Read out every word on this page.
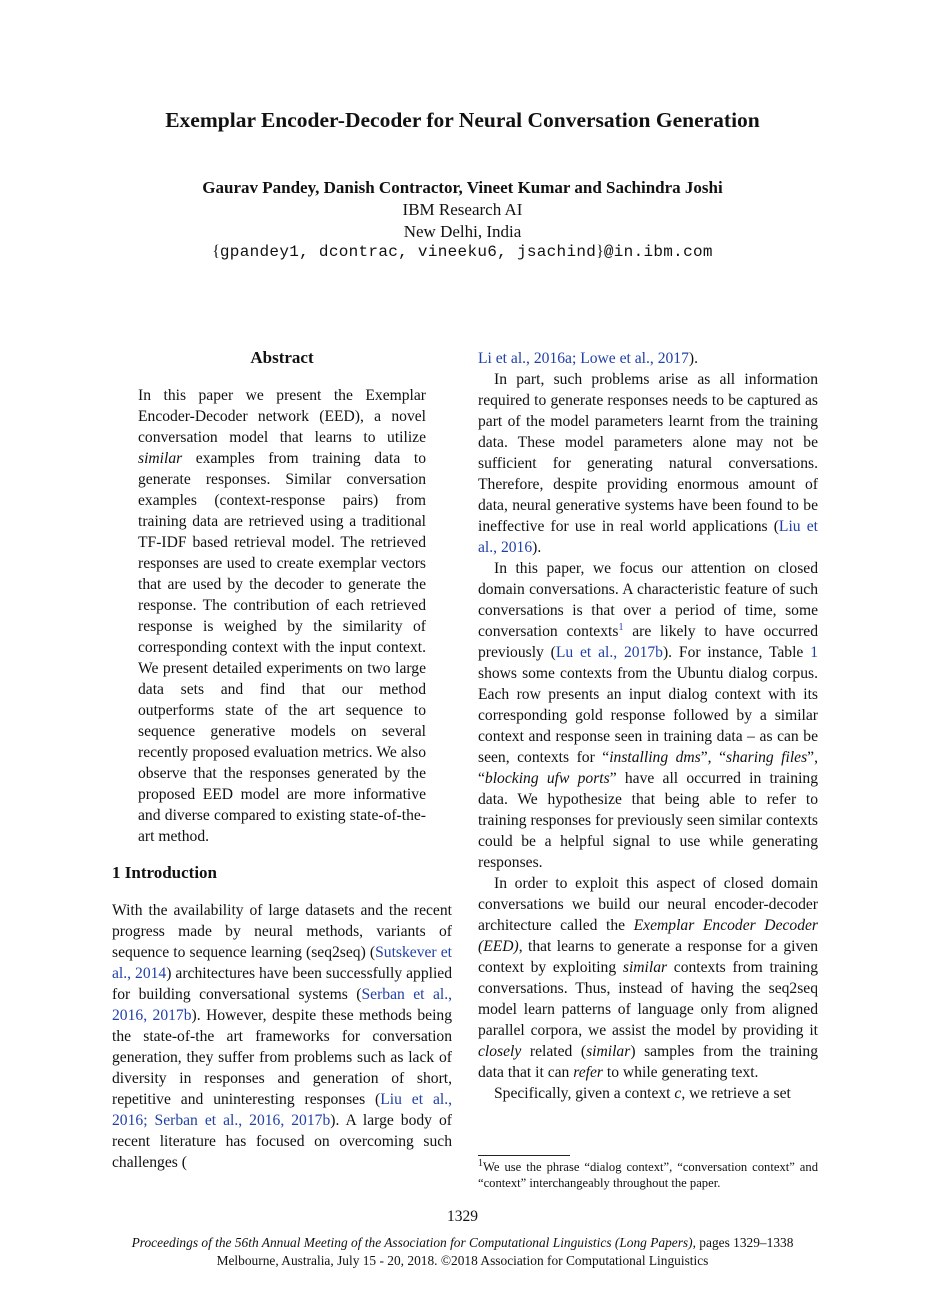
Exemplar Encoder-Decoder for Neural Conversation Generation
Gaurav Pandey, Danish Contractor, Vineet Kumar and Sachindra Joshi
IBM Research AI
New Delhi, India
{gpandey1, dcontrac, vineeku6, jsachind}@in.ibm.com

Abstract

In this paper we present the Exemplar Encoder-Decoder network (EED), a novel conversation model that learns to utilize similar examples from training data to generate responses. Similar conversation examples (context-response pairs) from training data are retrieved using a traditional TF-IDF based retrieval model. The retrieved responses are used to create exemplar vectors that are used by the decoder to generate the response. The contribution of each retrieved response is weighed by the similarity of corresponding context with the input context. We present detailed experiments on two large data sets and find that our method outperforms state of the art sequence to sequence generative models on several recently proposed evaluation metrics. We also observe that the responses generated by the proposed EED model are more informative and diverse compared to existing state-of-the-art method.

1 Introduction

With the availability of large datasets and the recent progress made by neural methods, variants of sequence to sequence learning (seq2seq) (Sutskever et al., 2014) architectures have been successfully applied for building conversational systems (Serban et al., 2016, 2017b). However, despite these methods being the state-of-the art frameworks for conversation generation, they suffer from problems such as lack of diversity in responses and generation of short, repetitive and uninteresting responses (Liu et al., 2016; Serban et al., 2016, 2017b). A large body of recent literature has focused on overcoming such challenges (

Li et al., 2016a; Lowe et al., 2017).

In part, such problems arise as all information required to generate responses needs to be captured as part of the model parameters learnt from the training data. These model parameters alone may not be sufficient for generating natural conversations. Therefore, despite providing enormous amount of data, neural generative systems have been found to be ineffective for use in real world applications (Liu et al., 2016).

In this paper, we focus our attention on closed domain conversations. A characteristic feature of such conversations is that over a period of time, some conversation contexts$^1$ are likely to have occurred previously (Lu et al., 2017b). For instance, Table 1 shows some contexts from the Ubuntu dialog corpus. Each row presents an input dialog context with its corresponding gold response followed by a similar context and response seen in training data – as can be seen, contexts for “installing dms”, “sharing files”, “blocking ufw ports” have all occurred in training data. We hypothesize that being able to refer to training responses for previously seen similar contexts could be a helpful signal to use while generating responses.

In order to exploit this aspect of closed domain conversations we build our neural encoder-decoder architecture called the Exemplar Encoder Decoder (EED), that learns to generate a response for a given context by exploiting similar contexts from training conversations. Thus, instead of having the seq2seq model learn patterns of language only from aligned parallel corpora, we assist the model by providing it closely related (similar) samples from the training data that it can refer to while generating text.

Specifically, given a context c, we retrieve a set

$^1$We use the phrase “dialog context”, “conversation context” and “context” interchangeably throughout the paper.
1329
Proceedings of the 56th Annual Meeting of the Association for Computational Linguistics (Long Papers), pages 1329–1338
Melbourne, Australia, July 15 - 20, 2018. ©2018 Association for Computational Linguistics
